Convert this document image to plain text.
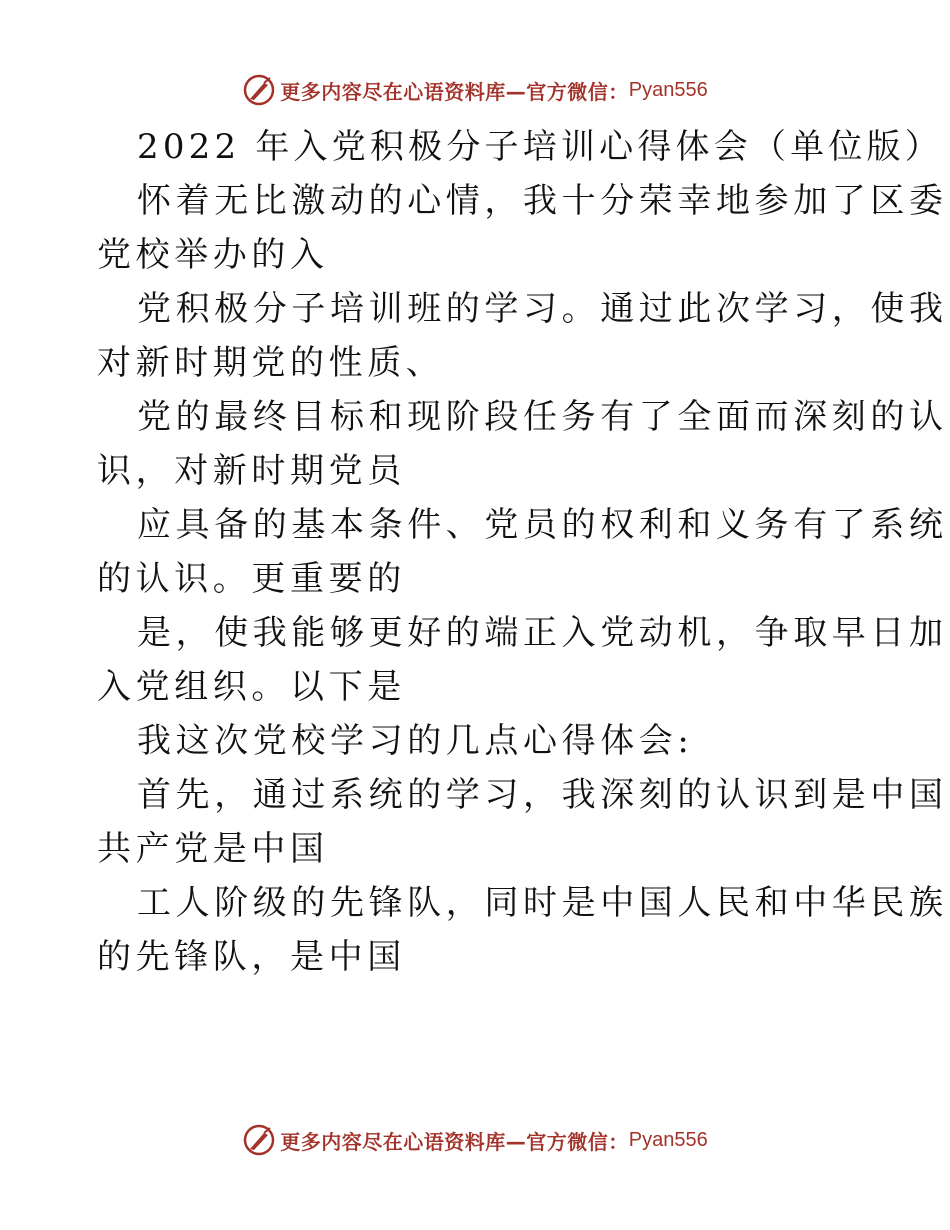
更多内容尽在心语资料库—官方微信： Pyan556
2022 年入党积极分子培训心得体会（单位版）
怀着无比激动的心情，我十分荣幸地参加了区委
党校举办的入
党积极分子培训班的学习。通过此次学习，使我
对新时期党的性质、
党的最终目标和现阶段任务有了全面而深刻的认
识，对新时期党员
应具备的基本条件、党员的权利和义务有了系统
的认识。更重要的
是，使我能够更好的端正入党动机，争取早日加
入党组织。以下是
我这次党校学习的几点心得体会:
首先，通过系统的学习，我深刻的认识到是中国
共产党是中国
工人阶级的先锋队，同时是中国人民和中华民族
的先锋队，是中国
更多内容尽在心语资料库—官方微信： Pyan556
